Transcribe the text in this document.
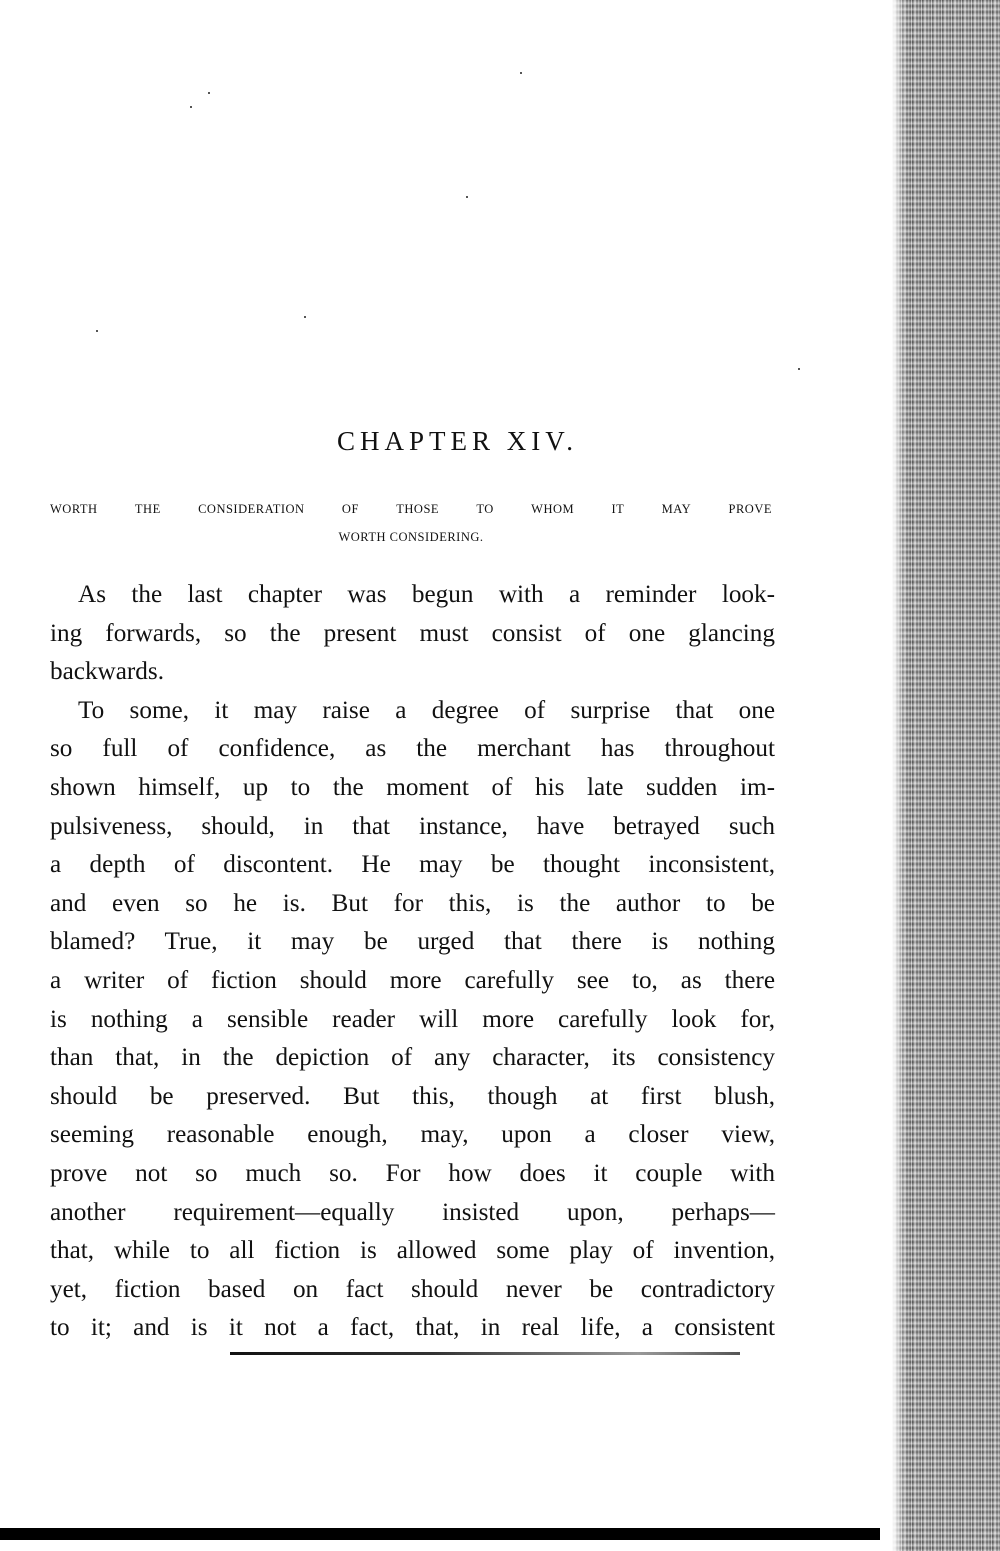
CHAPTER XIV.
WORTH	THE	CONSIDERATION	OF	THOSE	TO	WHOM	IT	MAY	PROVE
WORTH CONSIDERING.
As the last chapter was begun with a reminder look-
ing forwards, so the present must consist of one glancing
backwards.
To some, it may raise a degree of surprise that one
so full of confidence, as the merchant has throughout
shown himself, up to the moment of his late sudden im-
pulsiveness, should, in that instance, have betrayed such
a depth of discontent. He may be thought inconsistent,
and even so he is. But for this, is the author to be
blamed? True, it may be urged that there is nothing
a writer of fiction should more carefully see to, as there
is nothing a sensible reader will more carefully look for,
than that, in the depiction of any character, its consistency
should be preserved. But this, though at first blush,
seeming reasonable enough, may, upon a closer view,
prove not so much so. For how does it couple with
another requirement—equally insisted upon, perhaps—
that, while to all fiction is allowed some play of invention,
yet, fiction based on fact should never be contradictory
to it; and is it not a fact, that, in real life, a consistent
